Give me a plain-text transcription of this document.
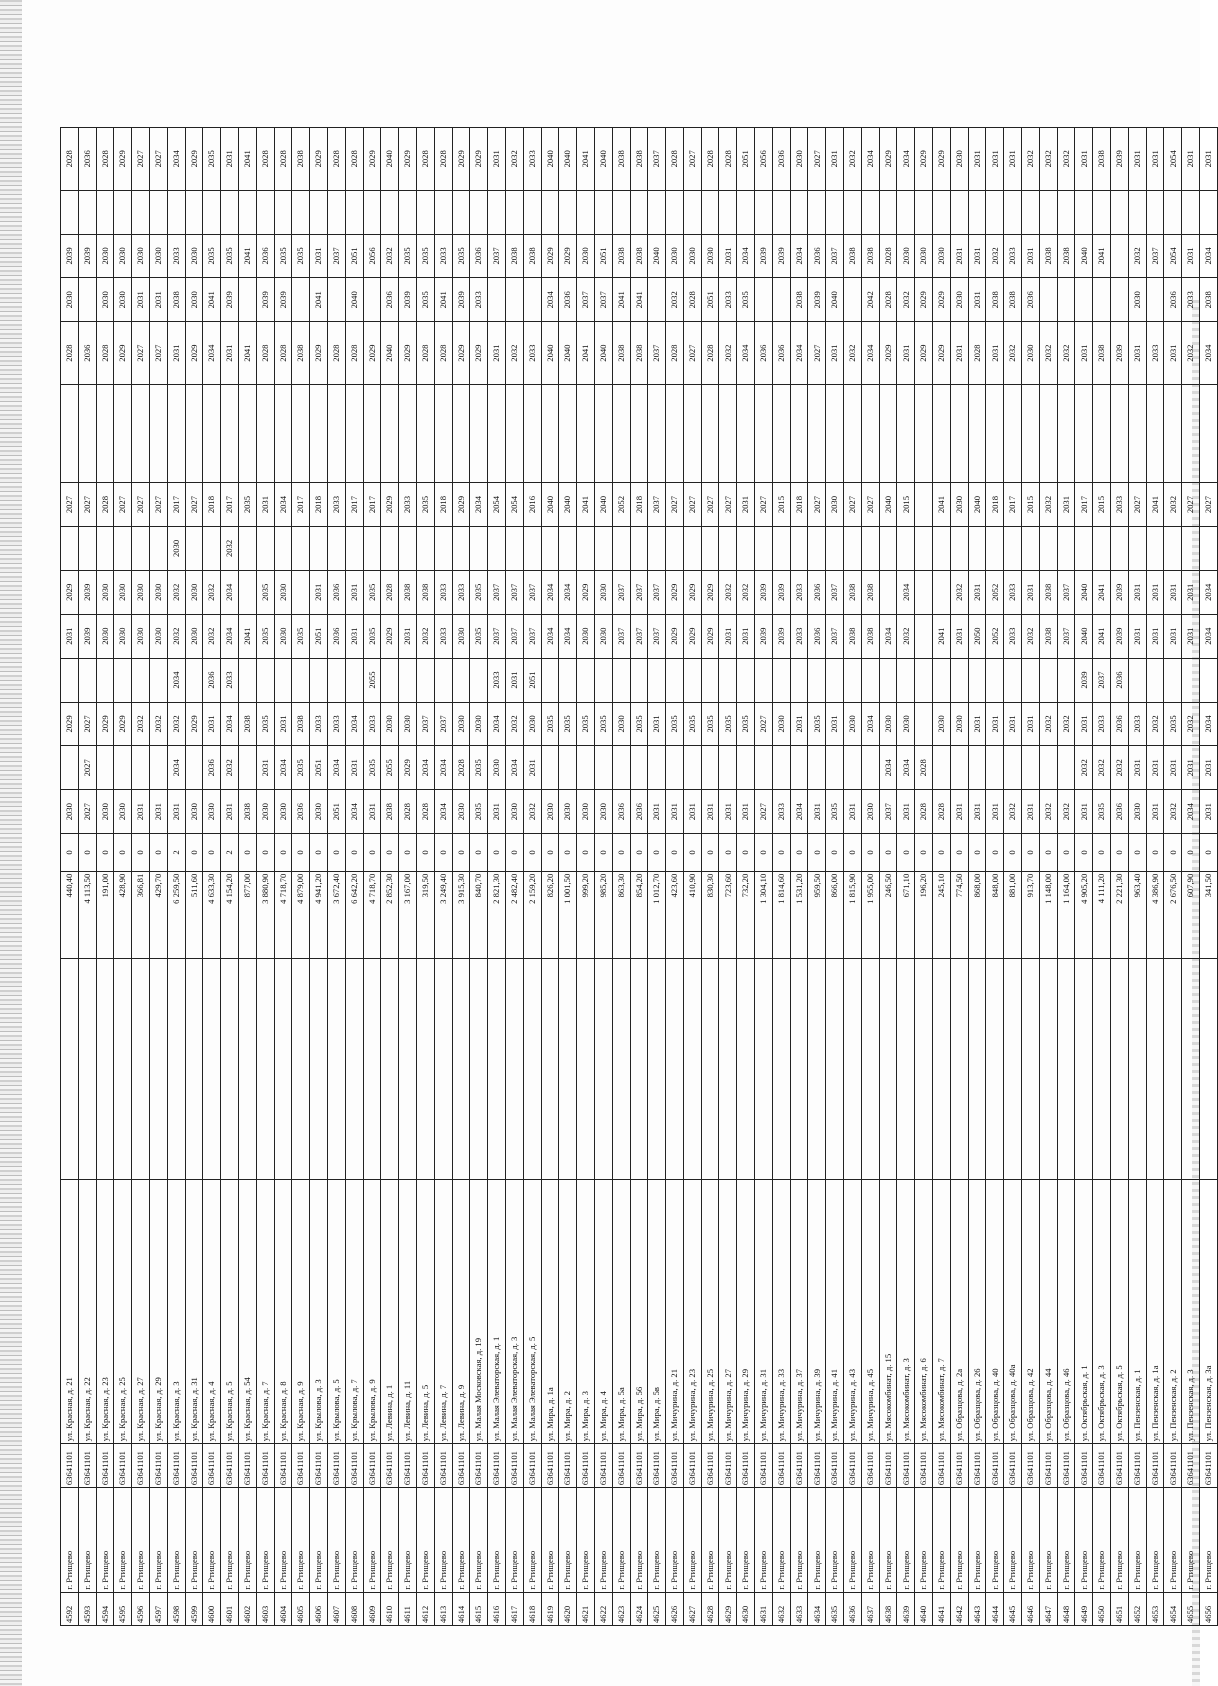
4592	г. Ртищево	63641101	ул. Красная, д. 21		440,40	0	2030		2029		2031	2029		2027		2028	2030	2039		2028
4593	г. Ртищево	63641101	ул. Красная, д. 22		4 113,50	0	2027	2027	2027		2039	2039		2027		2036		2039		2036
4594	г. Ртищево	63641101	ул. Красная, д. 23		191,00	0	2030		2029		2030	2030		2028		2028	2030	2030		2028
4595	г. Ртищево	63641101	ул. Красная, д. 25		428,90	0	2030		2029		2030	2030		2027		2029	2030	2030		2029
4596	г. Ртищево	63641101	ул. Красная, д. 27		366,81	0	2031		2032		2030	2030		2027		2027	2031	2030		2027
4597	г. Ртищево	63641101	ул. Красная, д. 29		429,70	0	2031		2032		2030	2030		2027		2027	2031	2030		2027
4598	г. Ртищево	63641101	ул. Красная, д. 3		6 259,50	2	2031	2034	2032	2034	2032	2032	2030	2017		2031	2038	2033		2034
4599	г. Ртищево	63641101	ул. Красная, д. 31		511,60	0	2030		2029		2030	2030		2027		2029	2030	2030		2029
4600	г. Ртищево	63641101	ул. Красная, д. 4		4 633,30	0	2030	2036	2031	2036	2032	2032		2018		2034	2041	2035		2035
4601	г. Ртищево	63641101	ул. Красная, д. 5		4 154,20	2	2031	2032	2034	2033	2034	2034	2032	2017		2031	2039	2035		2031
4602	г. Ртищево	63641101	ул. Красная, д. 54		877,00	0	2038		2038		2041			2035		2041		2041		2041
4603	г. Ртищево	63641101	ул. Красная, д. 7		3 880,90	0	2030	2031	2035		2035	2035		2031		2028	2039	2036		2028
4604	г. Ртищево	63641101	ул. Красная, д. 8		4 718,70	0	2030	2034	2031		2030	2030		2034		2028	2039	2035		2028
4605	г. Ртищево	63641101	ул. Красная, д. 9		4 879,00	0	2036	2035	2038		2035			2017		2038		2035		2038
4606	г. Ртищево	63641101	ул. Крылова, д. 3		4 941,20	0	2030	2051	2033		2051	2031		2018		2029	2041	2031		2029
4607	г. Ртищево	63641101	ул. Крылова, д. 5		3 672,40	0	2051	2034	2033		2036	2036		2033		2028		2037		2028
4608	г. Ртищево	63641101	ул. Крылова, д. 7		6 642,20	0	2034	2031	2034		2031	2031		2017		2028	2040	2051		2028
4609	г. Ртищево	63641101	ул. Крылова, д. 9		4 718,70	0	2031	2035	2033	2055	2035	2035		2017		2029		2056		2029
4610	г. Ртищево	63641101	ул. Левина, д. 1		2 852,30	0	2038	2055	2030		2029	2028		2029		2040	2036	2032		2040
4611	г. Ртищево	63641101	ул. Левина, д. 11		3 167,00	0	2028	2029	2030		2031	2038		2033		2029	2039	2035		2029
4612	г. Ртищево	63641101	ул. Левина, д. 5		319,50	0	2028	2034	2037		2032	2038		2035		2028	2035	2035		2028
4613	г. Ртищево	63641101	ул. Левина, д. 7		3 249,40	0	2034	2034	2037		2033	2033		2018		2028	2041	2033		2028
4614	г. Ртищево	63641101	ул. Левина, д. 9		3 915,30	0	2030	2028	2030		2030	2033		2029		2029	2039	2035		2029
4615	г. Ртищево	63641101	ул. Малая Московская, д. 19		840,70	0	2035	2035	2030		2035	2035		2034		2029	2033	2036		2029
4616	г. Ртищево	63641101	ул. Малая Элеваторская, д. 1		2 821,30	0	2031	2030	2034	2033	2037	2037		2054		2031		2037		2031
4617	г. Ртищево	63641101	ул. Малая Элеваторская, д. 3		2 482,40	0	2030	2034	2032	2031	2037	2037		2054		2032		2038		2032
4618	г. Ртищево	63641101	ул. Малая Элеваторская, д. 5		2 159,20	0	2032	2031	2030	2051	2037	2037		2016		2033		2038		2033
4619	г. Ртищево	63641101	ул. Мира, д. 1а		826,20	0	2030		2035		2034	2034		2040		2040	2034	2029		2040
4620	г. Ртищево	63641101	ул. Мира, д. 2		1 001,50	0	2030		2035		2034	2034		2040		2040	2036	2029		2040
4621	г. Ртищево	63641101	ул. Мира, д. 3		999,20	0	2030		2035		2030	2029		2041		2041	2037	2030		2041
4622	г. Ртищево	63641101	ул. Мира, д. 4		985,20	0	2030		2035		2030	2030		2040		2040	2037	2051		2040
4623	г. Ртищево	63641101	ул. Мира, д. 5а		863,30	0	2036		2030		2037	2037		2052		2038	2041	2038		2038
4624	г. Ртищево	63641101	ул. Мира, д. 56		854,20	0	2036		2035		2037	2037		2018		2038	2041	2038		2038
4625	г. Ртищево	63641101	ул. Мира, д. 5в		1 012,70	0	2031		2031		2037	2037		2037		2037		2040		2037
4626	г. Ртищево	63641101	ул. Мичурина, д. 21		423,60	0	2031		2035		2029	2029		2027		2028	2032	2030		2028
4627	г. Ртищево	63641101	ул. Мичурина, д. 23		410,90	0	2031		2035		2029	2029		2027		2027	2028	2030		2027
4628	г. Ртищево	63641101	ул. Мичурина, д. 25		830,30	0	2031		2035		2029	2029		2027		2028	2051	2030		2028
4629	г. Ртищево	63641101	ул. Мичурина, д. 27		723,60	0	2031		2035		2031	2032		2027		2032	2033	2031		2028
4630	г. Ртищево	63641101	ул. Мичурина, д. 29		732,20	0	2031		2035		2031	2032		2031		2034	2035	2034		2051
4631	г. Ртищево	63641101	ул. Мичурина, д. 31		1 304,10	0	2027		2027		2039	2039		2027		2036		2039		2056
4632	г. Ртищево	63641101	ул. Мичурина, д. 33		1 814,60	0	2033		2030		2039	2039		2015		2036		2039		2036
4633	г. Ртищево	63641101	ул. Мичурина, д. 37		1 531,20	0	2034		2031		2033	2033		2018		2034	2038	2034		2030
4634	г. Ртищево	63641101	ул. Мичурина, д. 39		959,50	0	2031		2035		2036	2036		2027		2027	2039	2036		2027
4635	г. Ртищево	63641101	ул. Мичурина, д. 41		866,00	0	2035		2031		2037	2037		2030		2031	2040	2037		2031
4636	г. Ртищево	63641101	ул. Мичурина, д. 43		1 815,90	0	2031		2030		2038	2038		2027		2032		2038		2032
4637	г. Ртищево	63641101	ул. Мичурина, д. 45		1 955,00	0	2030		2034		2038	2038		2027		2034	2042	2038		2034
4638	г. Ртищево	63641101	ул. Мясокомбинат, д. 15		246,50	0	2037	2034	2030		2034			2040		2029	2028	2028		2029
4639	г. Ртищево	63641101	ул. Мясокомбинат, д. 3		671,10	0	2031	2034	2030		2032	2034		2015		2031	2032	2030		2034
4640	г. Ртищево	63641101	ул. Мясокомбинат, д. 6		196,20	0	2028	2028								2029	2029	2030		2029
4641	г. Ртищево	63641101	ул. Мясокомбинат, д. 7		245,10	0	2028		2030		2041			2041		2029	2029	2030		2029
4642	г. Ртищево	63641101	ул. Образцова, д. 2а		774,50	0	2031		2030		2031	2032		2030		2031	2030	2031		2030
4643	г. Ртищево	63641101	ул. Образцова, д. 26		868,00	0	2031		2031		2050	2031		2040		2028	2031	2031		2031
4644	г. Ртищево	63641101	ул. Образцова, д. 40		848,00	0	2031		2031		2052	2052		2018		2031	2038	2032		2031
4645	г. Ртищево	63641101	ул. Образцова, д. 40а		881,00	0	2032		2031		2033	2033		2017		2032	2038	2033		2031
4646	г. Ртищево	63641101	ул. Образцова, д. 42		913,70	0	2031		2031		2032	2031		2015		2030	2036	2031		2032
4647	г. Ртищево	63641101	ул. Образцова, д. 44		1 148,00	0	2032		2032		2038	2038		2032		2032		2038		2032
4648	г. Ртищево	63641101	ул. Образцова, д. 46		1 164,00	0	2032		2032		2037	2037		2031		2032		2038		2032
4649	г. Ртищево	63641101	ул. Октябрьская, д. 1		4 905,20	0	2031	2032	2031	2039	2040	2040		2017		2031		2040		2031
4650	г. Ртищево	63641101	ул. Октябрьская, д. 3		4 111,20	0	2035	2032	2033	2037	2041	2041		2015		2038		2041		2038
4651	г. Ртищево	63641101	ул. Октябрьская, д. 5		2 221,30	0	2036	2032	2036	2036	2039	2039		2033		2039				2039
4652	г. Ртищево	63641101	ул. Пензенская, д. 1		963,40	0	2030	2031	2033		2031	2031		2027		2031	2030	2032		2031
4653	г. Ртищево	63641101	ул. Пензенская, д. 1а		4 386,90	0	2031	2031	2032		2031	2031		2041		2033		2037		2031
4654	г. Ртищево	63641101	ул. Пензенская, д. 2		2 676,50	0	2032	2031	2035		2031	2031		2032		2031	2036	2054		2054
4655	г. Ртищево	63641101	ул. Пензенская, д. 3		607,90	0	2034	2031	2032		2031	2031		2027		2032	2033	2031		2031
4656	г. Ртищево	63641101	ул. Пензенская, д. 3а		341,50	0	2031	2031	2034		2034	2034		2027		2034	2038	2034		2031
